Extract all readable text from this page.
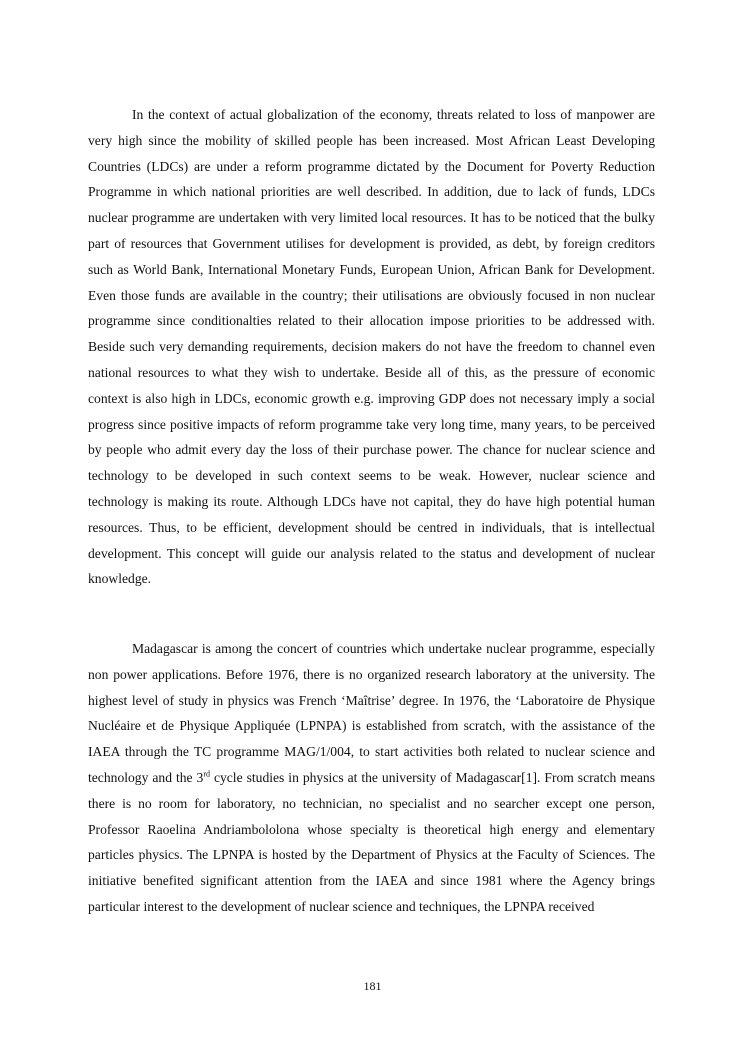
In the context of actual globalization of the economy, threats related to loss of manpower are very high since the mobility of skilled people has been increased. Most African Least Developing Countries (LDCs) are under a reform programme dictated by the Document for Poverty Reduction Programme in which national priorities are well described. In addition, due to lack of funds, LDCs nuclear programme are undertaken with very limited local resources. It has to be noticed that the bulky part of resources that Government utilises for development is provided, as debt, by foreign creditors such as World Bank, International Monetary Funds, European Union, African Bank for Development. Even those funds are available in the country; their utilisations are obviously focused in non nuclear programme since conditionalties related to their allocation impose priorities to be addressed with. Beside such very demanding requirements, decision makers do not have the freedom to channel even national resources to what they wish to undertake. Beside all of this, as the pressure of economic context is also high in LDCs, economic growth e.g. improving GDP does not necessary imply a social progress since positive impacts of reform programme take very long time, many years, to be perceived by people who admit every day the loss of their purchase power. The chance for nuclear science and technology to be developed in such context seems to be weak. However, nuclear science and technology is making its route. Although LDCs have not capital, they do have high potential human resources. Thus, to be efficient, development should be centred in individuals, that is intellectual development. This concept will guide our analysis related to the status and development of nuclear knowledge.

Madagascar is among the concert of countries which undertake nuclear programme, especially non power applications. Before 1976, there is no organized research laboratory at the university. The highest level of study in physics was French ‘Maîtrise’ degree. In 1976, the ‘Laboratoire de Physique Nucléaire et de Physique Appliquée (LPNPA) is established from scratch, with the assistance of the IAEA through the TC programme MAG/1/004, to start activities both related to nuclear science and technology and the 3rd cycle studies in physics at the university of Madagascar[1]. From scratch means there is no room for laboratory, no technician, no specialist and no searcher except one person, Professor Raoelina Andriambololona whose specialty is theoretical high energy and elementary particles physics. The LPNPA is hosted by the Department of Physics at the Faculty of Sciences. The initiative benefited significant attention from the IAEA and since 1981 where the Agency brings particular interest to the development of nuclear science and techniques, the LPNPA received

181
